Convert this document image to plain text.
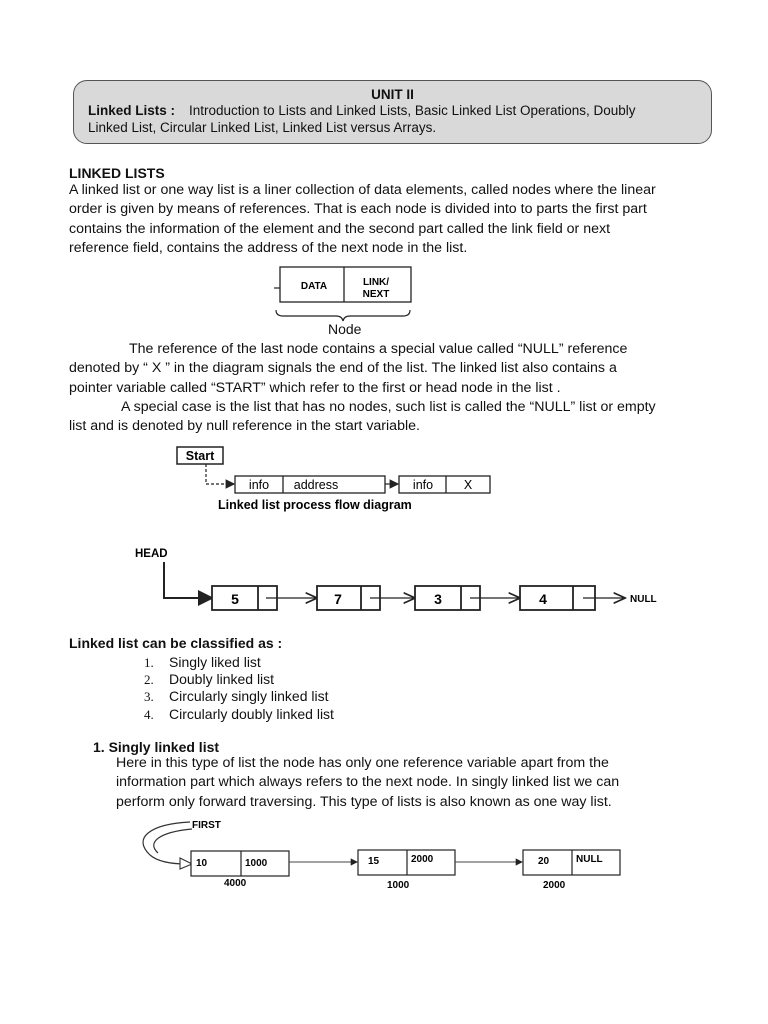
UNIT II
Linked Lists : Introduction to Lists and Linked Lists, Basic Linked List Operations, Doubly
Linked List, Circular Linked List, Linked List versus Arrays.
LINKED LISTS
A linked list or one way list is a liner collection of data elements, called nodes where the linear
order is given by means of references. That is each node is divided into to parts the first part
contains the information of the element and the second part called the link field or next
reference field, contains the address of the next node in the list.
Node
The reference of the last node contains a special value called “NULL” reference
denoted by “ X ” in the diagram signals the end of the list. The linked list also contains a
pointer variable called “START” which refer to the first or head node in the list .
A special case is the list that has no nodes, such list is called the “NULL” list or empty
list and is denoted by null reference in the start variable.
Linked list can be classified as :
1. Singly liked list
2. Doubly linked list
3. Circularly singly linked list
4. Circularly doubly linked list
1. Singly linked list
Here in this type of list the node has only one reference variable apart from the
information part which always refers to the next node. In singly linked list we can
perform only forward traversing. This type of lists is also known as one way list.
DATA	LINK/
NEXT
Start
info address	info X
Linked list process flow diagram
HEAD
5	7	3	4	NULL
FIRST
10	1000
4000
15	2000
1000
20	NULL
2000
